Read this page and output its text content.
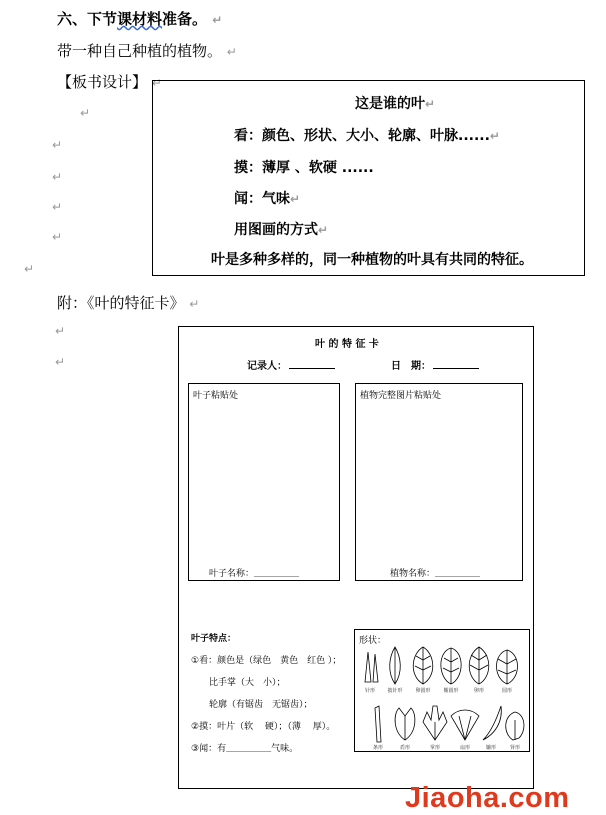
六、下节课材料准备。 ↵
带一种自己种植的植物。 ↵
【板书设计】 ↵
↵
↵
↵
↵
↵
↵
这是谁的叶↵
看：颜色、形状、大小、轮廓、叶脉......↵
摸：薄厚 、软硬 ......
闻：气味↵
用图画的方式↵
叶是多种多样的，同一种植物的叶具有共同的特征。
附：《叶的特征卡》 ↵
↵
↵
叶 的 特 征 卡
记录人：	日　期：
叶子粘贴处
叶子名称：＿＿＿＿＿
植物完整图片粘贴处
植物名称：＿＿＿＿＿
叶子特点：
①看：颜色是（绿色　黄色　红色 ）；
比手掌（大　小）；
轮廓（有锯齿　无锯齿）；
②摸：叶片（软　 硬）；（薄　 厚）。
③闻：有＿＿＿＿＿气味。
形状：
针形	披针形	卵圆形	椭圆形	卵形	圆形
条形	盾形	掌形	扇形	镰形	肾形
Jiaoha.com
